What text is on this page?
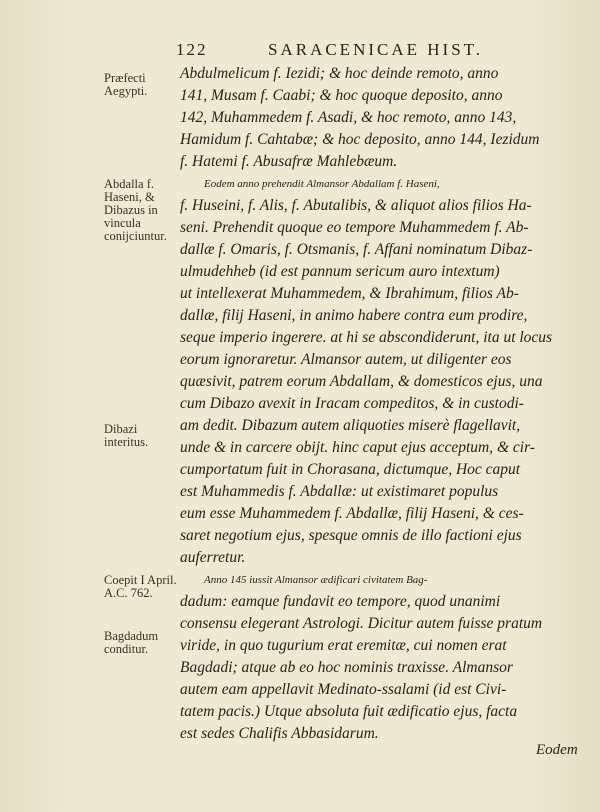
122	SARACENICAE HIST.
Præfecti Aegypti.
Abdalla f. Haseni, & Dibazus in vincula conijciuntur.
Dibazi interitus.
Coepit I April. A.C. 762.
Bagdadum conditur.
Abdulmelicum f. Iezidi; & hoc deinde remoto, anno
141, Musam f. Caabi; & hoc quoque deposito, anno
142, Muhammedem f. Asadi, & hoc remoto, anno 143,
Hamidum f. Cahtabæ; & hoc deposito, anno 144, Iezidum
f. Hatemi f. Abusafræ Mahlebæum.
Eodem anno prehendit Almansor Abdallam f. Haseni,
f. Huseini, f. Alis, f. Abutalibis, & aliquot alios filios Ha-
seni. Prehendit quoque eo tempore Muhammedem f. Ab-
dallæ f. Omaris, f. Otsmanis, f. Affani nominatum Dibaz-
ulmudehheb (id est pannum sericum auro intextum)
ut intellexerat Muhammedem, & Ibrahimum, filios Ab-
dallæ, filij Haseni, in animo habere contra eum prodire,
seque imperio ingerere. at hi se abscondiderunt, ita ut locus
eorum ignoraretur. Almansor autem, ut diligenter eos
quæsivit, patrem eorum Abdallam, & domesticos ejus, una
cum Dibazo avexit in Iracam compeditos, & in custodi-
am dedit. Dibazum autem aliquoties miserè flagellavit,
unde & in carcere obijt. hinc caput ejus acceptum, & cir-
cumportatum fuit in Chorasana, dictumque, Hoc caput
est Muhammedis f. Abdallæ: ut existimaret populus
eum esse Muhammedem f. Abdallæ, filij Haseni, & ces-
saret negotium ejus, spesque omnis de illo factioni ejus
auferretur.
Anno 145 iussit Almansor ædificari civitatem Bag-
dadum: eamque fundavit eo tempore, quod unanimi
consensu elegerant Astrologi. Dicitur autem fuisse pratum
viride, in quo tugurium erat eremitæ, cui nomen erat
Bagdadi; atque ab eo hoc nominis traxisse. Almansor
autem eam appellavit Medinato-ssalami (id est Civi-
tatem pacis.) Utque absoluta fuit ædificatio ejus, facta
est sedes Chalifis Abbasidarum.
Eodem
